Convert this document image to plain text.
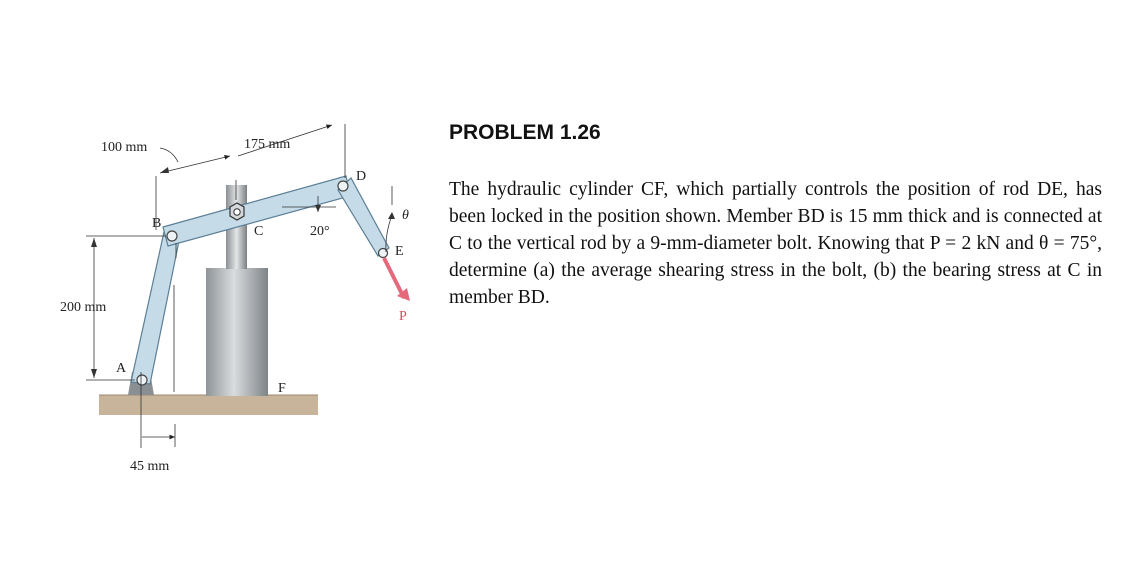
100 mm	175 mm
200 mm
45 mm
20°
θ
A
B
C
D
E
F
P
PROBLEM 1.26

The hydraulic cylinder CF, which partially controls the position of rod DE, has been locked in the position shown. Member BD is 15 mm thick and is connected at C to the vertical rod by a 9-mm-diameter bolt. Knowing that P = 2 kN and θ = 75°, determine (a) the average shearing stress in the bolt, (b) the bearing stress at C in member BD.
